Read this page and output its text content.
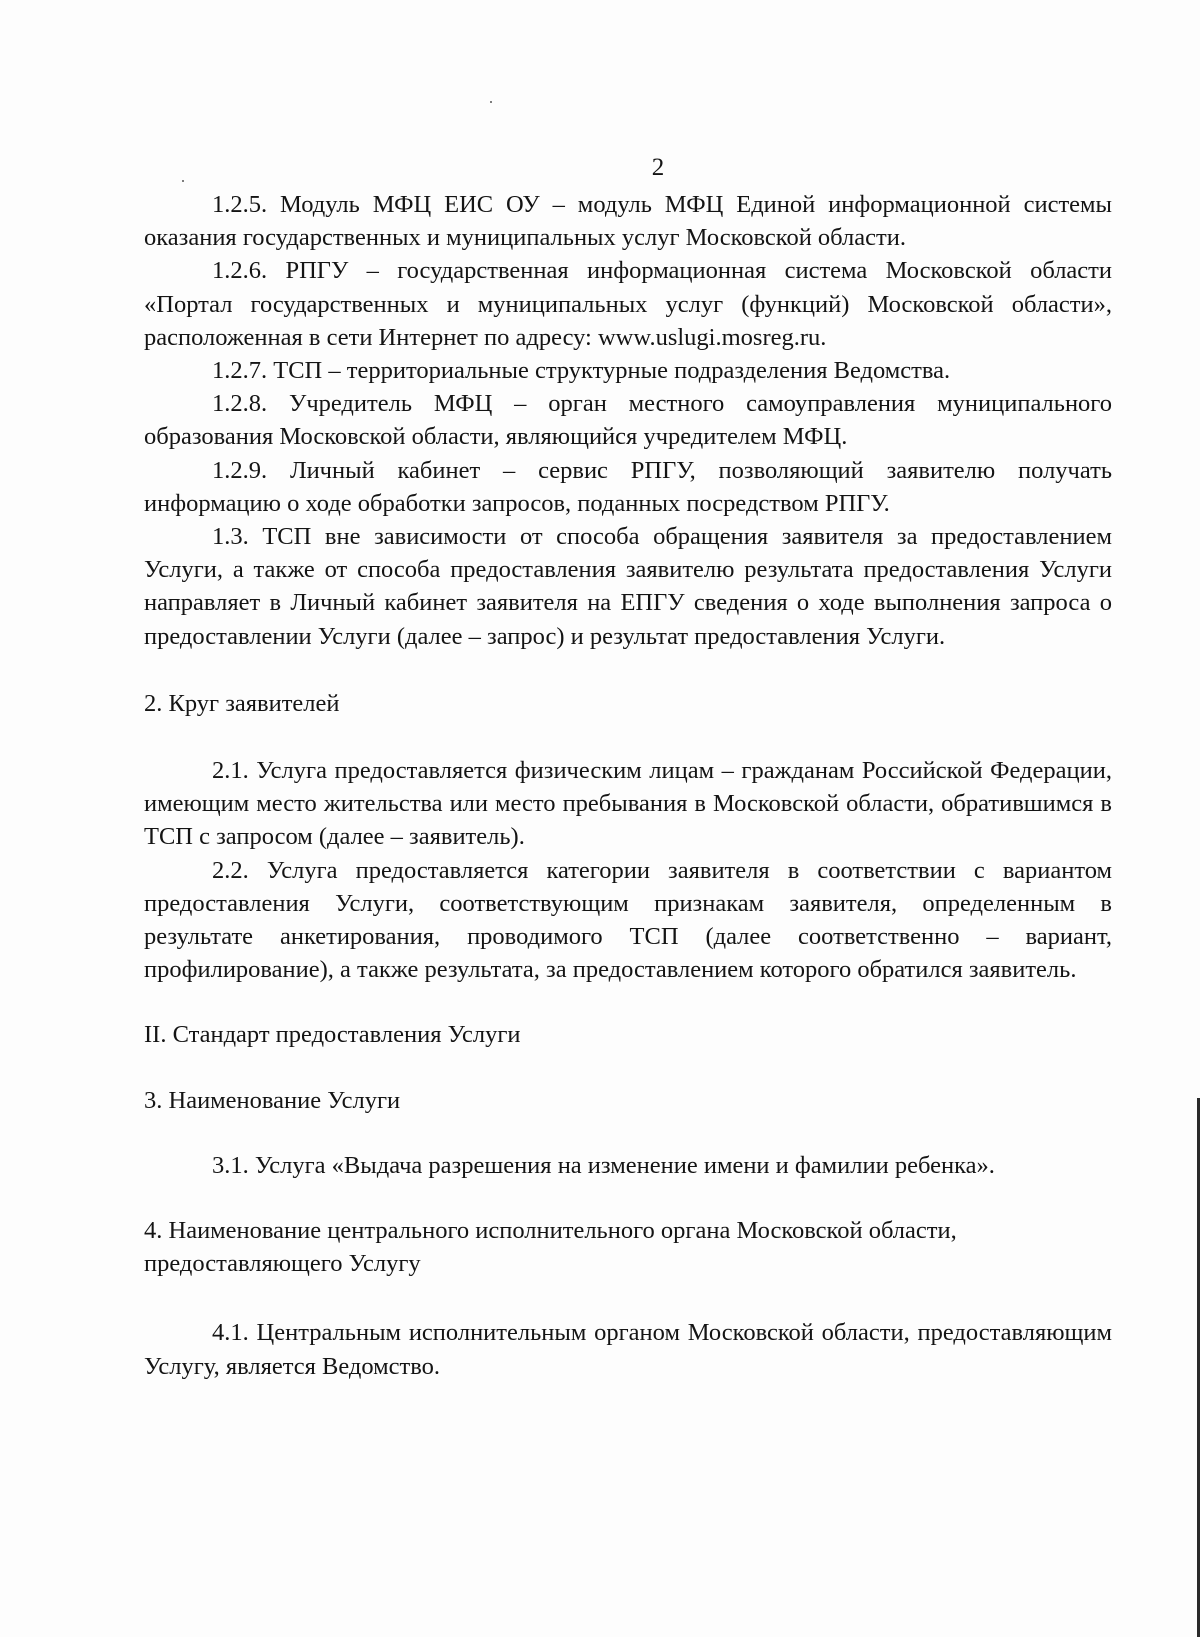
2

1.2.5. Модуль МФЦ ЕИС ОУ – модуль МФЦ Единой информационной системы оказания государственных и муниципальных услуг Московской области.

1.2.6. РПГУ – государственная информационная система Московской области «Портал государственных и муниципальных услуг (функций) Московской области», расположенная в сети Интернет по адресу: www.uslugi.mosreg.ru.

1.2.7. ТСП – территориальные структурные подразделения Ведомства.

1.2.8. Учредитель МФЦ – орган местного самоуправления муниципального образования Московской области, являющийся учредителем МФЦ.

1.2.9. Личный кабинет – сервис РПГУ, позволяющий заявителю получать информацию о ходе обработки запросов, поданных посредством РПГУ.

1.3. ТСП вне зависимости от способа обращения заявителя за предоставлением Услуги, а также от способа предоставления заявителю результата предоставления Услуги направляет в Личный кабинет заявителя на ЕПГУ сведения о ходе выполнения запроса о предоставлении Услуги (далее – запрос) и результат предоставления Услуги.

2. Круг заявителей

2.1. Услуга предоставляется физическим лицам – гражданам Российской Федерации, имеющим место жительства или место пребывания в Московской области, обратившимся в ТСП с запросом (далее – заявитель).

2.2. Услуга предоставляется категории заявителя в соответствии с вариантом предоставления Услуги, соответствующим признакам заявителя, определенным в результате анкетирования, проводимого ТСП (далее соответственно – вариант, профилирование), а также результата, за предоставлением которого обратился заявитель.

II. Стандарт предоставления Услуги

3. Наименование Услуги

3.1. Услуга «Выдача разрешения на изменение имени и фамилии ребенка».

4. Наименование центрального исполнительного органа Московской области,
предоставляющего Услугу

4.1. Центральным исполнительным органом Московской области, предоставляющим Услугу, является Ведомство.
